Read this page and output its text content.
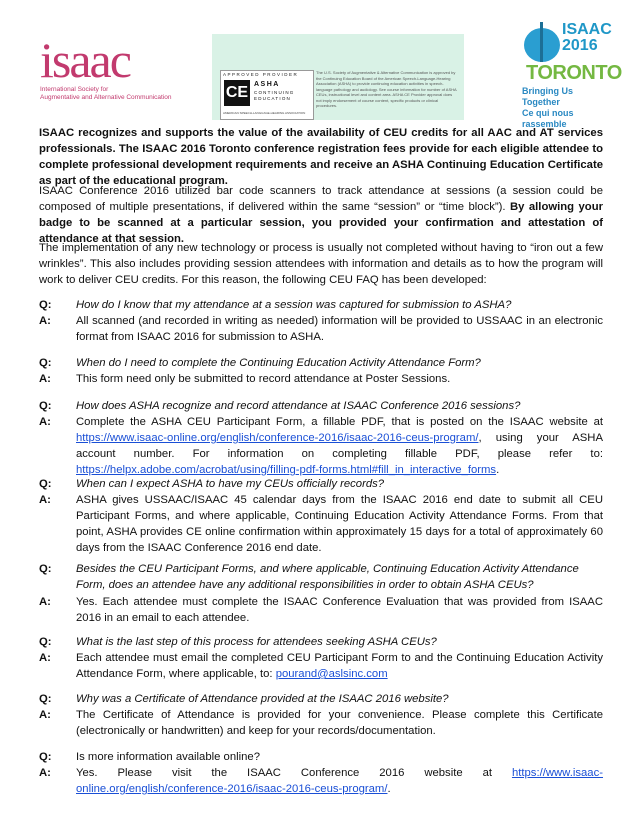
isaac
International Society for
Augmentative and Alternative Communication
APPROVED PROVIDER
CE ASHA
CONTINUING EDUCATION
AMERICAN SPEECH-LANGUAGE-HEARING ASSOCIATION
The U.S. Society of Augmentative & Alternative Communication is approved by the Continuing Education Board of the American Speech-Language-Hearing Association (ASHA) to provide continuing education activities in speech-language pathology and audiology. See course information for number of ASHA CEUs, instructional level and content area. ASHA CE Provider approval does not imply endorsement of course content, specific products or clinical procedures.
ISAAC
2016
TORONTO
Bringing Us Together
Ce qui nous rassemble
ISAAC recognizes and supports the value of the availability of CEU credits for all AAC and AT services professionals. The ISAAC 2016 Toronto conference registration fees provide for each eligible attendee to complete professional development requirements and receive an ASHA Continuing Education Certificate as part of the educational program.
ISAAC Conference 2016 utilized bar code scanners to track attendance at sessions (a session could be composed of multiple presentations, if delivered within the same “session” or “time block”). By allowing your badge to be scanned at a particular session, you provided your confirmation and attestation of attendance at that session.
The implementation of any new technology or process is usually not completed without having to “iron out a few wrinkles”. This also includes providing session attendees with information and details as to how the program will work to deliver CEU credits. For this reason, the following CEU FAQ has been developed:
Q: How do I know that my attendance at a session was captured for submission to ASHA?
A: All scanned (and recorded in writing as needed) information will be provided to USSAAC in an electronic format from ISAAC 2016 for submission to ASHA.
Q: When do I need to complete the Continuing Education Activity Attendance Form?
A: This form need only be submitted to record attendance at Poster Sessions.
Q: How does ASHA recognize and record attendance at ISAAC Conference 2016 sessions?
A: Complete the ASHA CEU Participant Form, a fillable PDF, that is posted on the ISAAC website at https://www.isaac-online.org/english/conference-2016/isaac-2016-ceus-program/, using your ASHA account number. For information on completing fillable PDF, please refer to: https://helpx.adobe.com/acrobat/using/filling-pdf-forms.html#fill_in_interactive_forms.
Q: When can I expect ASHA to have my CEUs officially records?
A: ASHA gives USSAAC/ISAAC 45 calendar days from the ISAAC 2016 end date to submit all CEU Participant Forms, and where applicable, Continuing Education Activity Attendance Forms. From that point, ASHA provides CE online confirmation within approximately 15 days for a total of approximately 60 days from the ISAAC Conference 2016 end date.
Q: Besides the CEU Participant Forms, and where applicable, Continuing Education Activity Attendance Form, does an attendee have any additional responsibilities in order to obtain ASHA CEUs?
A: Yes. Each attendee must complete the ISAAC Conference Evaluation that was provided from ISAAC 2016 in an email to each attendee.
Q: What is the last step of this process for attendees seeking ASHA CEUs?
A: Each attendee must email the completed CEU Participant Form to and the Continuing Education Activity Attendance Form, where applicable, to: pourand@aslsinc.com
Q: Why was a Certificate of Attendance provided at the ISAAC 2016 website?
A: The Certificate of Attendance is provided for your convenience. Please complete this Certificate (electronically or handwritten) and keep for your records/documentation.
Q: Is more information available online?
A: Yes. Please visit the ISAAC Conference 2016 website at https://www.isaac-online.org/english/conference-2016/isaac-2016-ceus-program/.
